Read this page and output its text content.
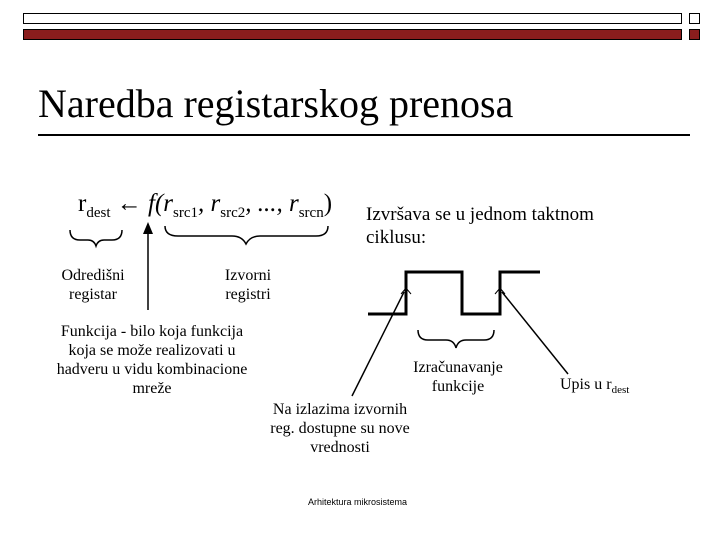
Naredba registarskog prenosa
$r_{dest}$ ← $f(r_{src1}$, $r_{src2}$, ..., $r_{srcn}$) Izvršava se u jednom taktnom
ciklusu:
Odredišni
registar
Izvorni
registri
Funkcija - bilo koja funkcija
koja se može realizovati u
hadveru u vidu kombinacione
mreže
Na izlazima izvornih
reg. dostupne su nove
vrednosti
Izračunavanje
funkcije	Upis u $r_{dest}$
Arhitektura mikrosistema
